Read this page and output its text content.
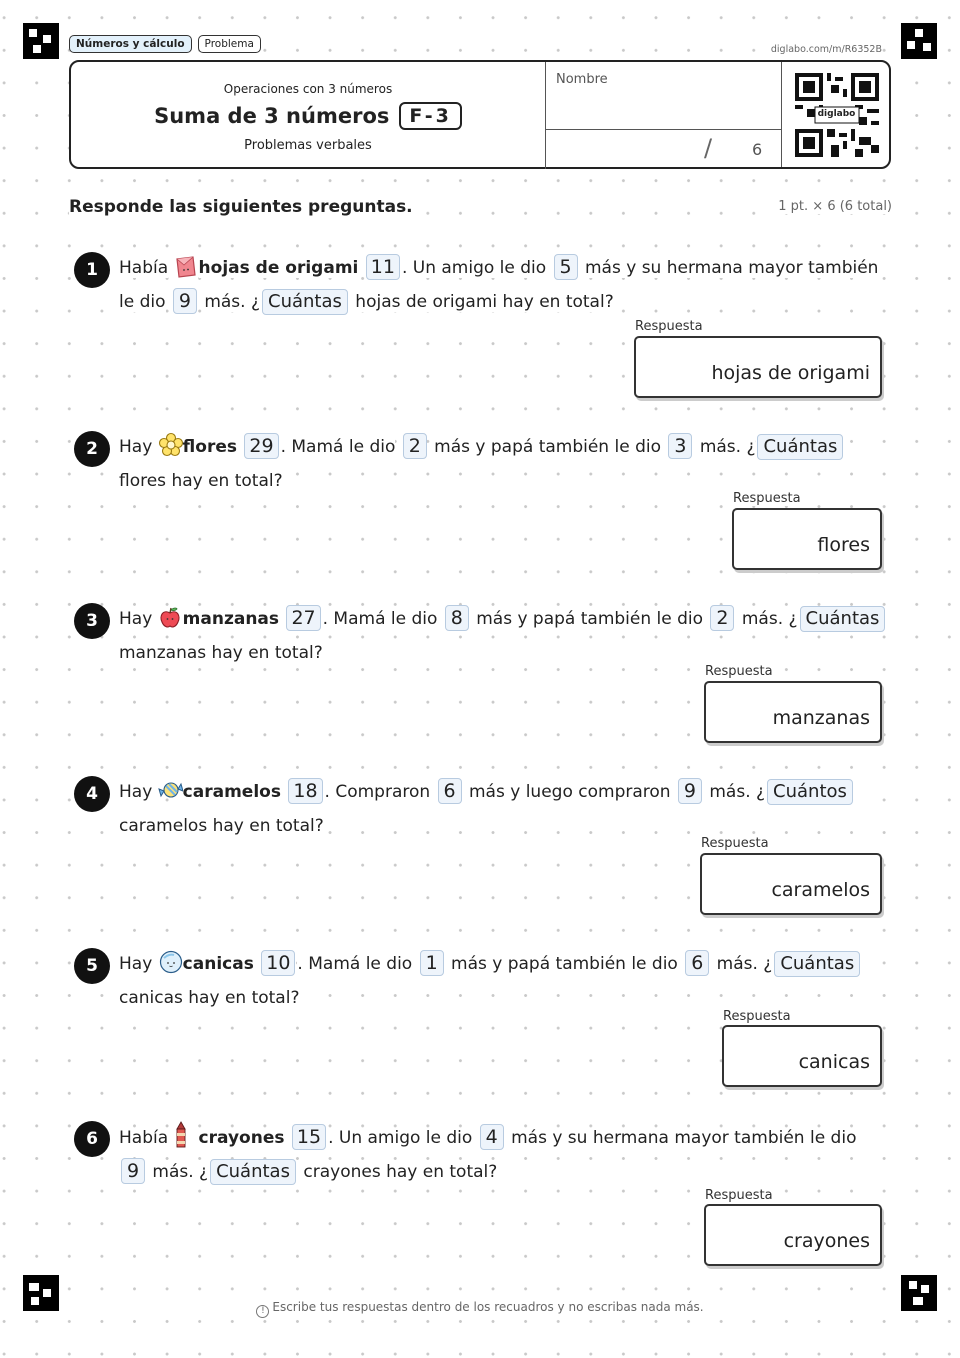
Números y cálculo	Problema	diglabo.com/m/R6352B
Operaciones con 3 números
Suma de 3 números	F-3
Problemas verbales
Nombre
/ 6
diglabo
Responde las siguientes preguntas.	1 pt. × 6 (6 total)
1	Había hojas de origami 11 . Un amigo le dio 5 más y su hermana mayor también le dio 9 más. ¿ Cuántas hojas de origami hay en total?
Respuesta
hojas de origami
2	Hay flores 29 . Mamá le dio 2 más y papá también le dio 3 más. ¿ Cuántas flores hay en total?
Respuesta
flores
3	Hay manzanas 27 . Mamá le dio 8 más y papá también le dio 2 más. ¿ Cuántas manzanas hay en total?
Respuesta
manzanas
4	Hay caramelos 18 . Compraron 6 más y luego compraron 9 más. ¿ Cuántos caramelos hay en total?
Respuesta
caramelos
5	Hay canicas 10 . Mamá le dio 1 más y papá también le dio 6 más. ¿ Cuántas canicas hay en total?
Respuesta
canicas
6	Había crayones 15 . Un amigo le dio 4 más y su hermana mayor también le dio 9 más. ¿ Cuántas crayones hay en total?
Respuesta
crayones
! Escribe tus respuestas dentro de los recuadros y no escribas nada más.
